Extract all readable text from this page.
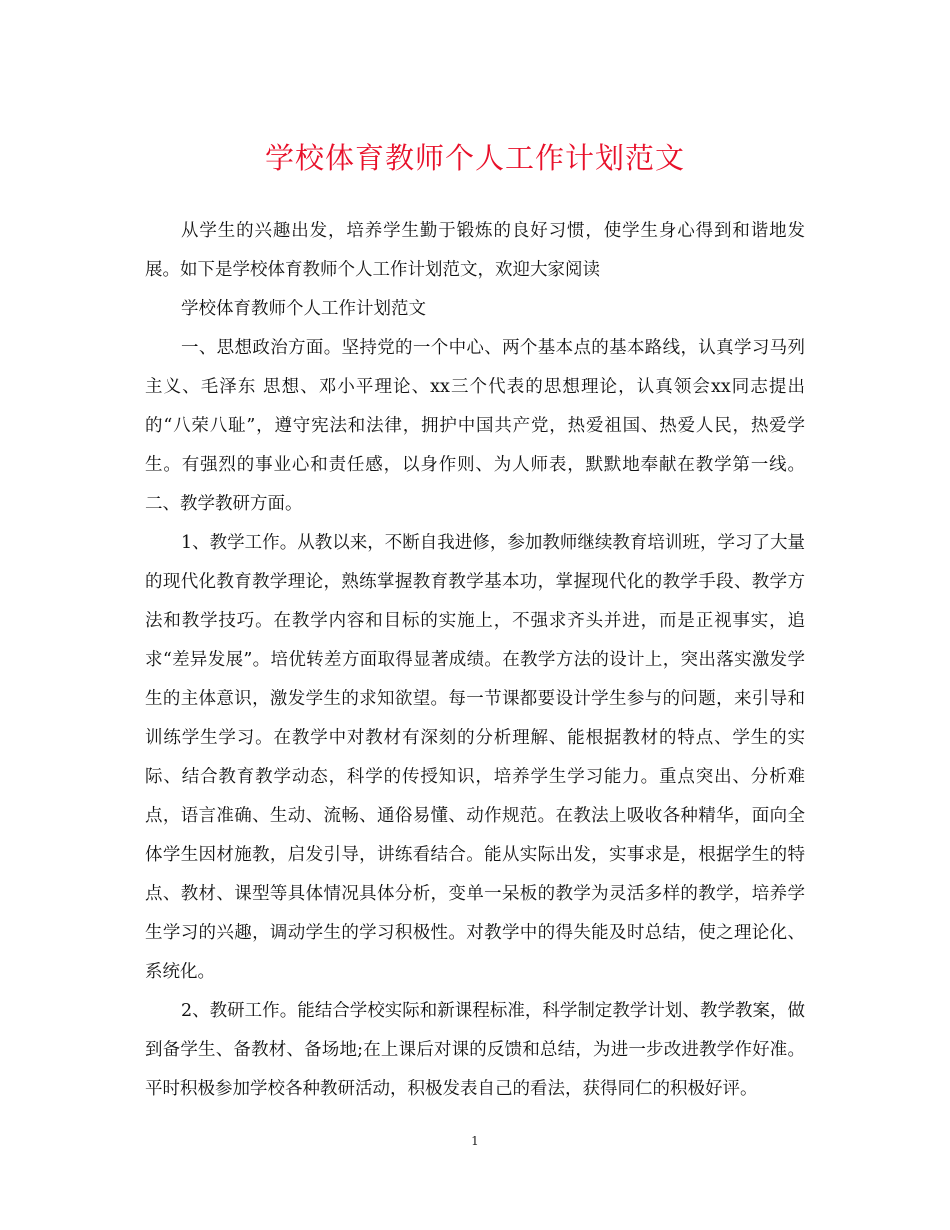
学校体育教师个人工作计划范文

从学生的兴趣出发，培养学生勤于锻炼的良好习惯，使学生身心得到和谐地发展。如下是学校体育教师个人工作计划范文，欢迎大家阅读

学校体育教师个人工作计划范文

一、思想政治方面。坚持党的一个中心、两个基本点的基本路线，认真学习马列主义、毛泽东 思想、邓小平理论、xx三个代表的思想理论，认真领会xx同志提出的“八荣八耻”，遵守宪法和法律，拥护中国共产党，热爱祖国、热爱人民，热爱学生。有强烈的事业心和责任感，以身作则、为人师表，默默地奉献在教学第一线。 二、教学教研方面。

1、教学工作。从教以来，不断自我进修，参加教师继续教育培训班，学习了大量的现代化教育教学理论，熟练掌握教育教学基本功，掌握现代化的教学手段、教学方法和教学技巧。在教学内容和目标的实施上，不强求齐头并进，而是正视事实，追求“差异发展”。培优转差方面取得显著成绩。在教学方法的设计上，突出落实激发学生的主体意识，激发学生的求知欲望。每一节课都要设计学生参与的问题，来引导和训练学生学习。在教学中对教材有深刻的分析理解、能根据教材的特点、学生的实际、结合教育教学动态，科学的传授知识，培养学生学习能力。重点突出、分析难点，语言准确、生动、流畅、通俗易懂、动作规范。在教法上吸收各种精华，面向全体学生因材施教，启发引导，讲练看结合。能从实际出发，实事求是，根据学生的特点、教材、课型等具体情况具体分析，变单一呆板的教学为灵活多样的教学，培养学生学习的兴趣，调动学生的学习积极性。对教学中的得失能及时总结，使之理论化、系统化。

2、教研工作。能结合学校实际和新课程标准，科学制定教学计划、教学教案，做到备学生、备教材、备场地;在上课后对课的反馈和总结，为进一步改进教学作好准。平时积极参加学校各种教研活动，积极发表自己的看法，获得同仁的积极好评。

1
